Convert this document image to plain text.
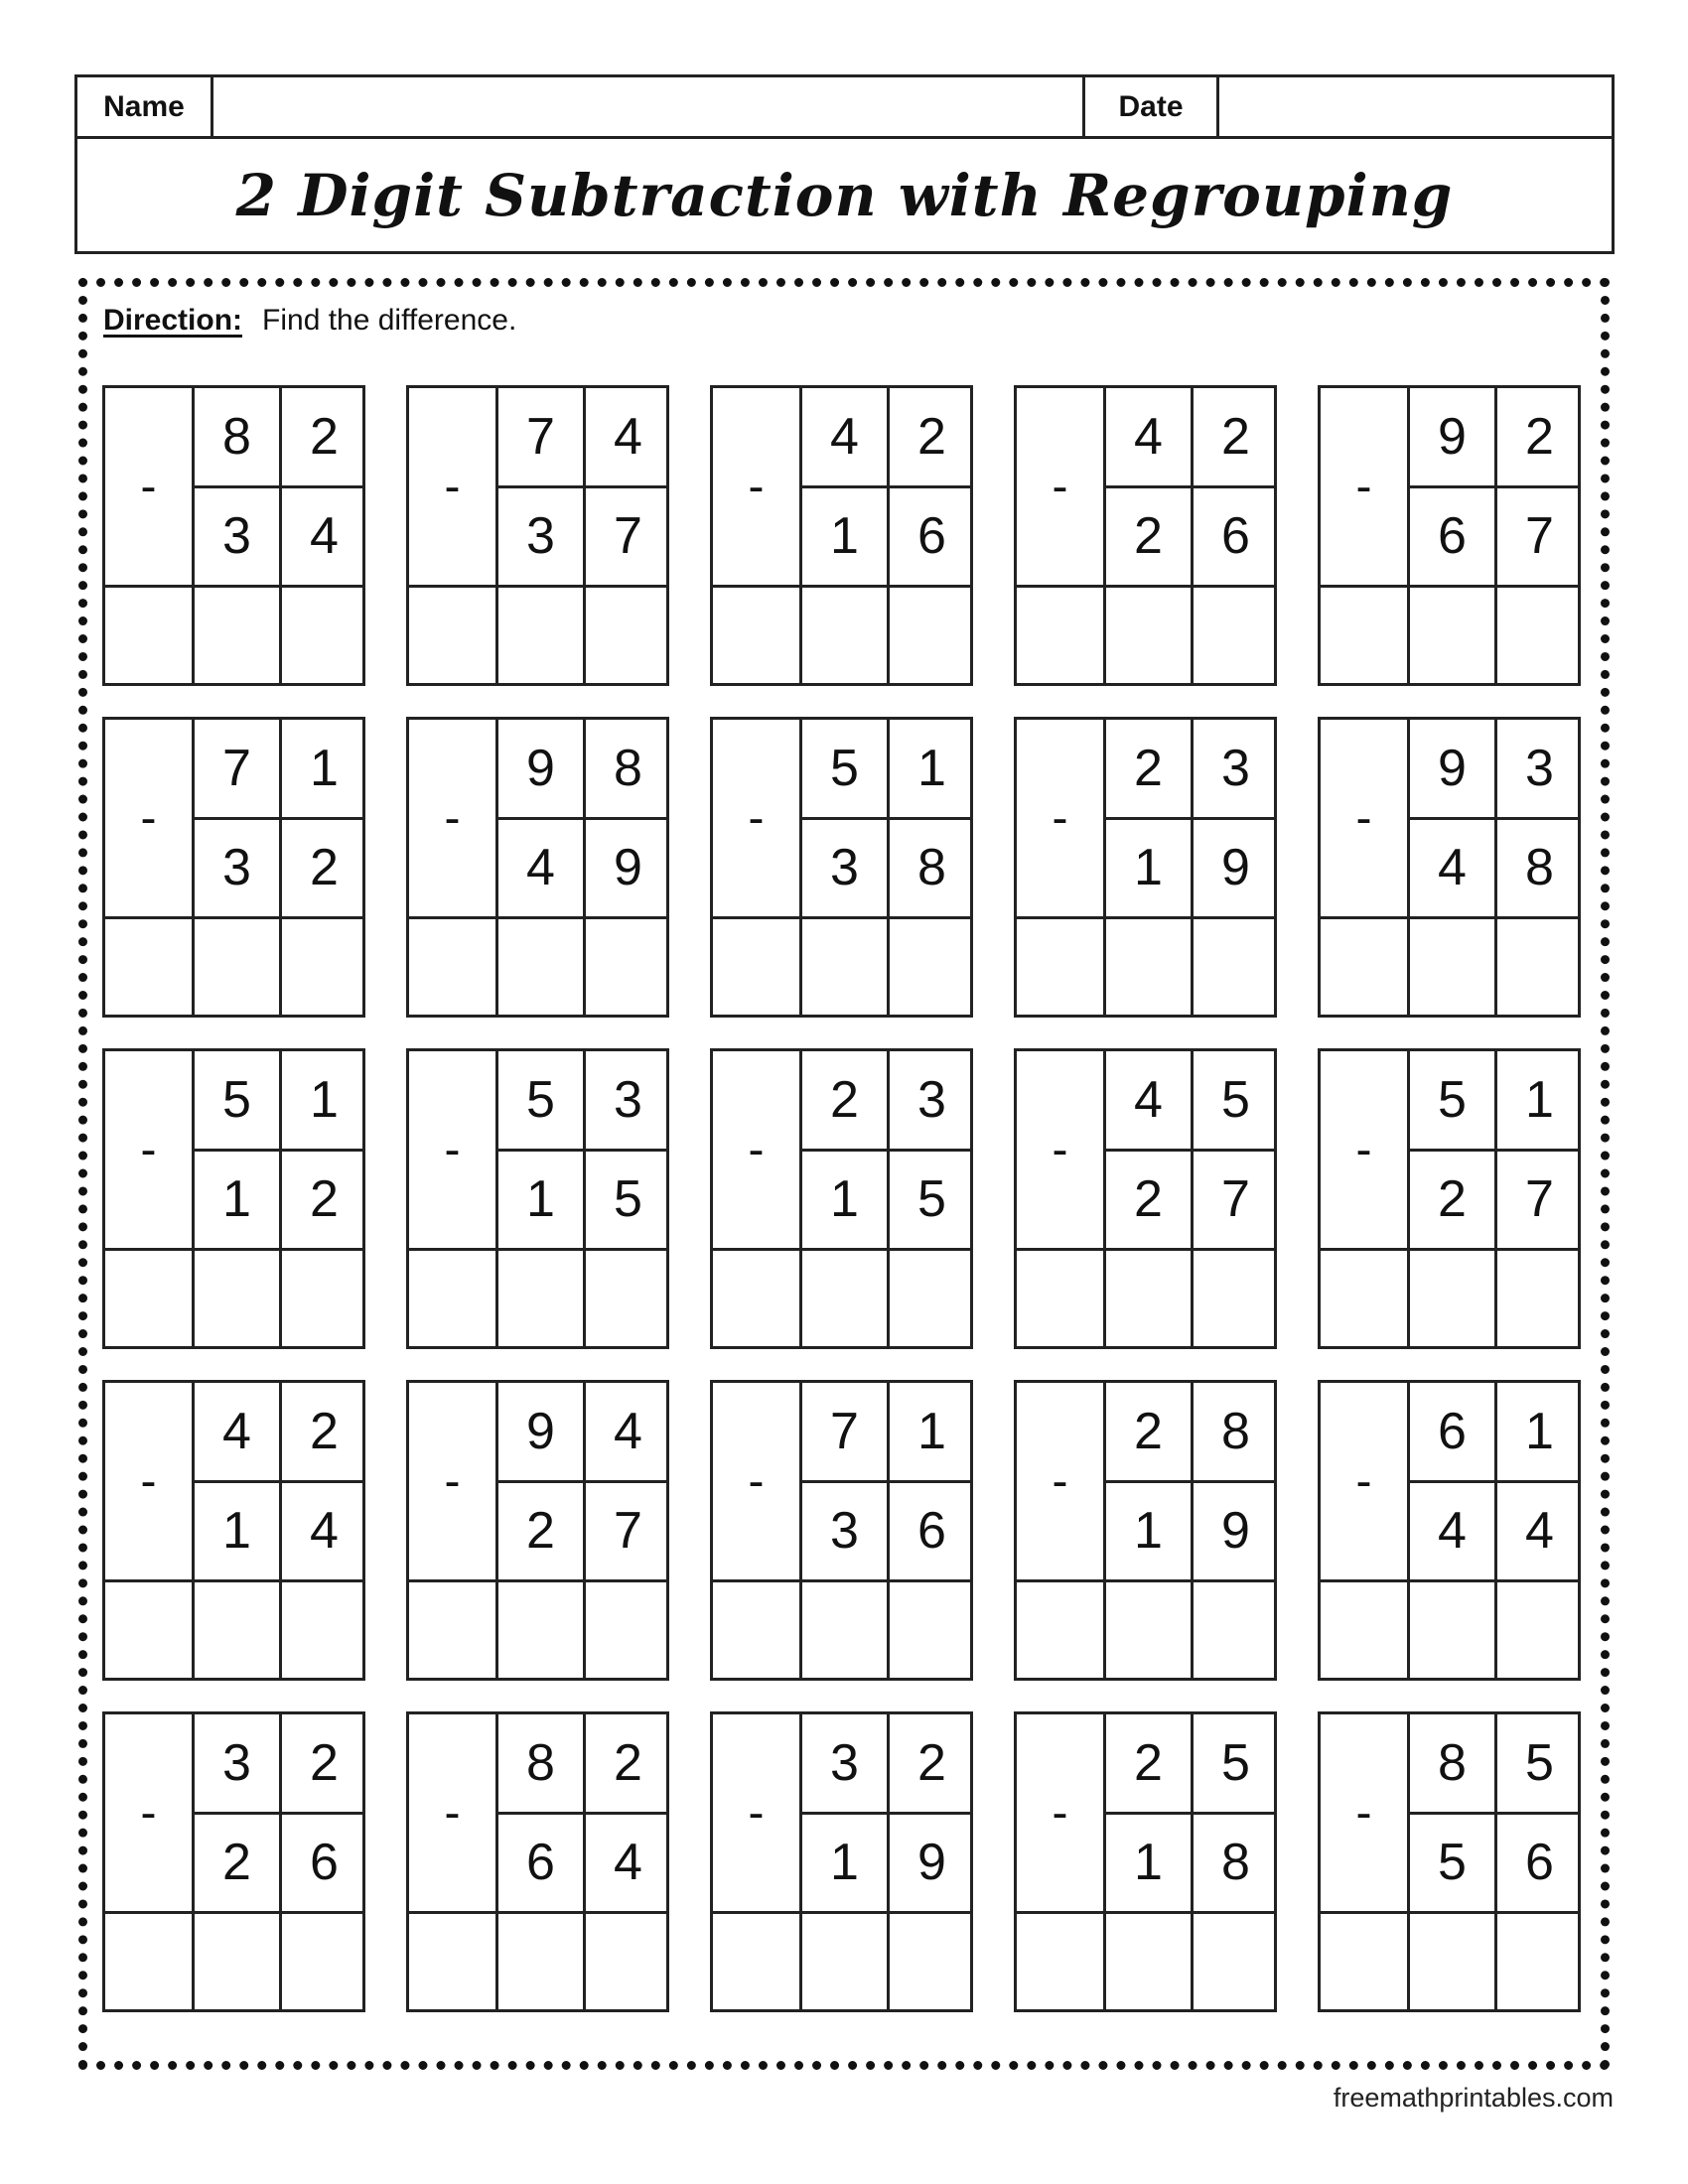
Name	Date
2 Digit Subtraction with Regrouping
Direction: Find the difference.
-
8	2
3	4
-
7	4
3	7
-
4	2
1	6
-
4	2
2	6
-
9	2
6	7
-
7	1
3	2
-
9	8
4	9
-
5	1
3	8
-
2	3
1	9
-
9	3
4	8
-
5	1
1	2
-
5	3
1	5
-
2	3
1	5
-
4	5
2	7
-
5	1
2	7
-
4	2
1	4
-
9	4
2	7
-
7	1
3	6
-
2	8
1	9
-
6	1
4	4
-
3	2
2	6
-
8	2
6	4
-
3	2
1	9
-
2	5
1	8
-
8	5
5	6
freemathprintables.com
